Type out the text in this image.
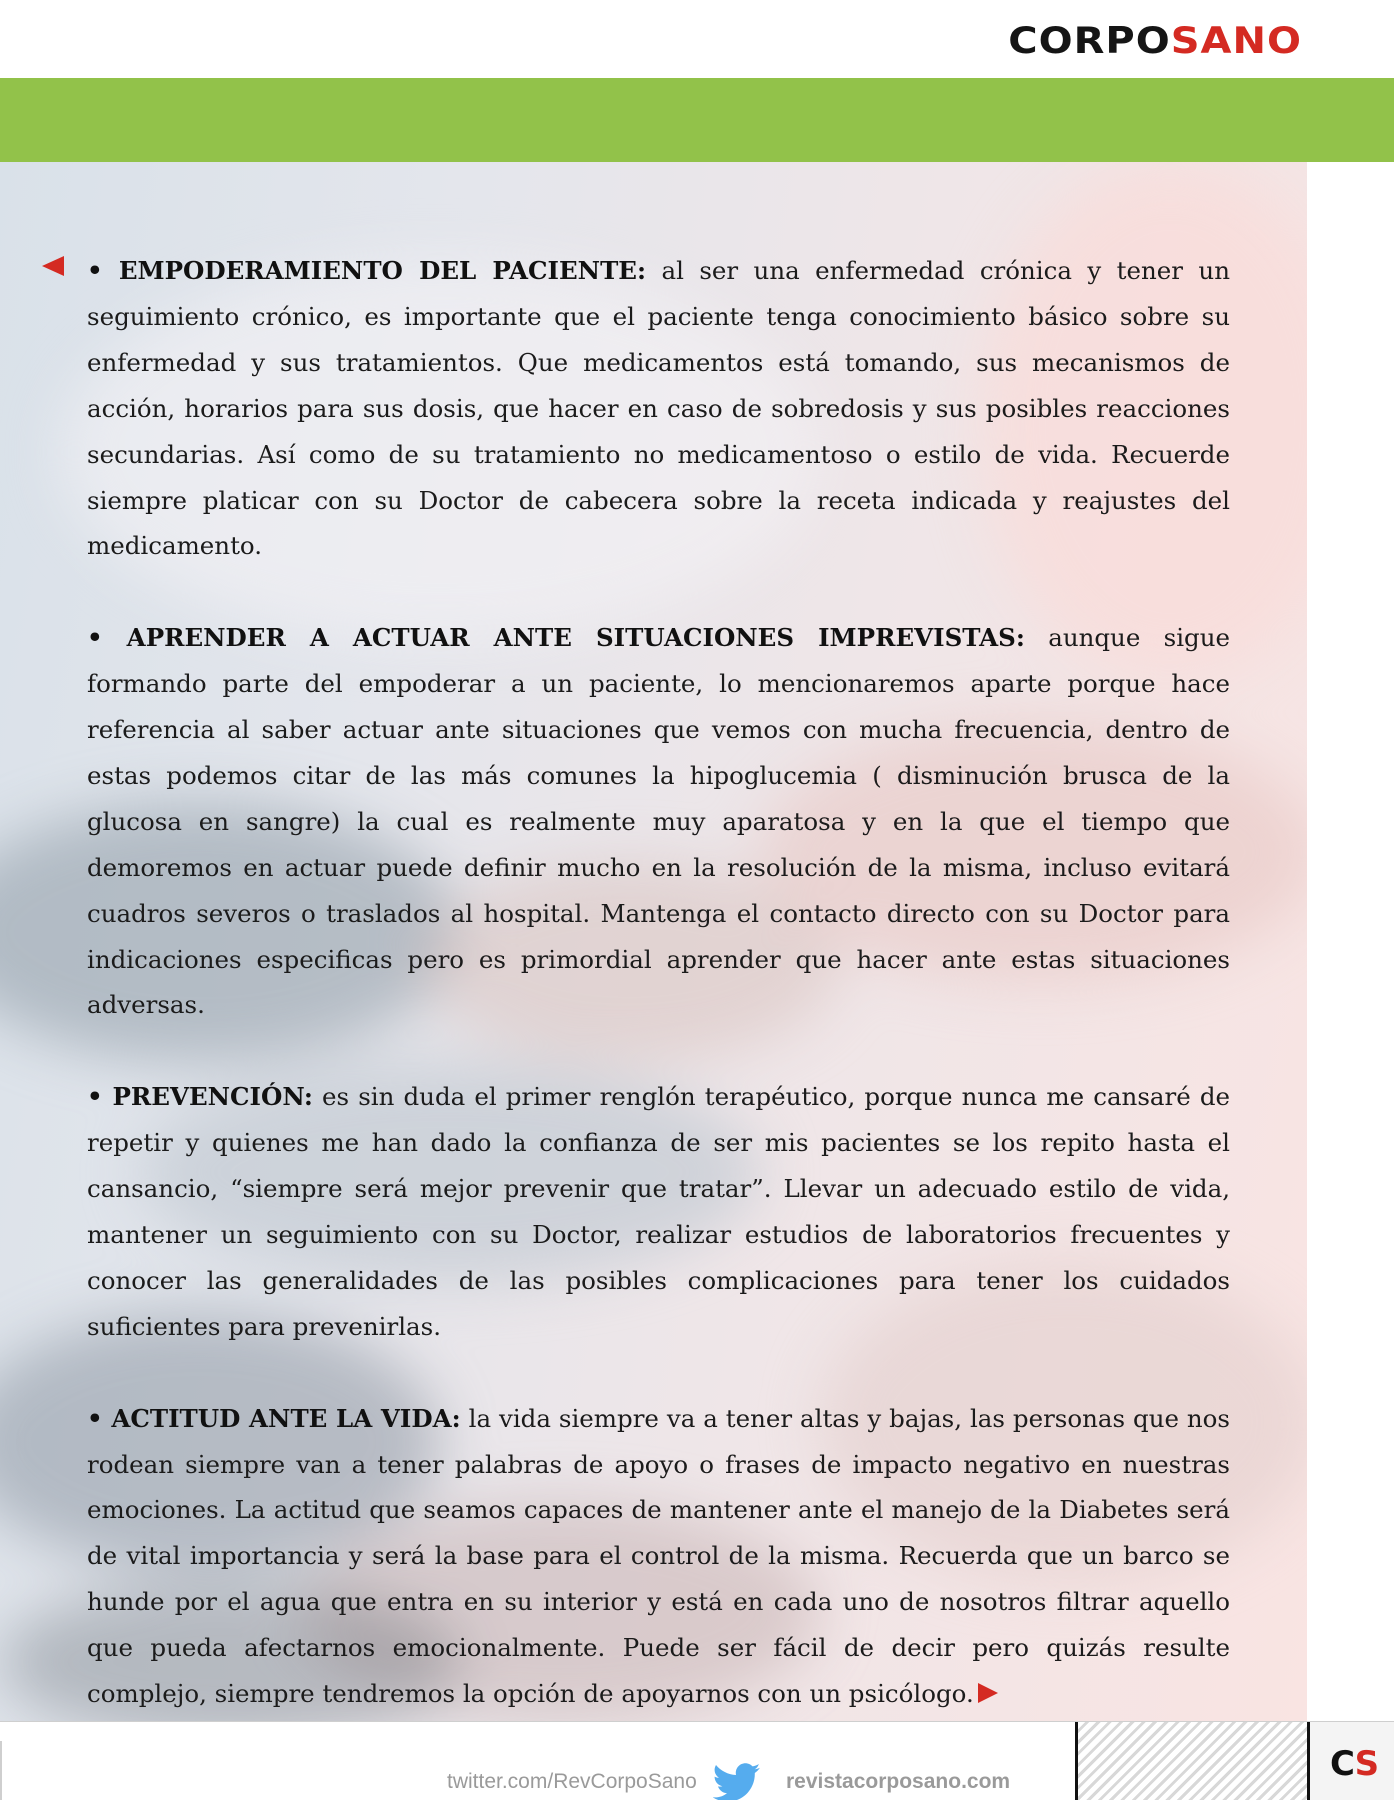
CORPOSANO

• EMPODERAMIENTO DEL PACIENTE: al ser una enfermedad crónica y tener un seguimiento crónico, es importante que el paciente tenga conocimiento básico sobre su enfermedad y sus tratamientos. Que medicamentos está tomando, sus mecanismos de acción, horarios para sus dosis, que hacer en caso de sobredosis y sus posibles reacciones secundarias. Así como de su tratamiento no medicamentoso o estilo de vida. Recuerde siempre platicar con su Doctor de cabecera sobre la receta indicada y reajustes del medicamento.

• APRENDER A ACTUAR ANTE SITUACIONES IMPREVISTAS: aunque sigue formando parte del empoderar a un paciente, lo mencionaremos aparte porque hace referencia al saber actuar ante situaciones que vemos con mucha frecuencia, dentro de estas podemos citar de las más comunes la hipoglucemia ( disminución brusca de la glucosa en sangre) la cual es realmente muy aparatosa y en la que el tiempo que demoremos en actuar puede definir mucho en la resolución de la misma, incluso evitará cuadros severos o traslados al hospital. Mantenga el contacto directo con su Doctor para indicaciones especificas pero es primordial aprender que hacer ante estas situaciones adversas.

• PREVENCIÓN: es sin duda el primer renglón terapéutico, porque nunca me cansaré de repetir y quienes me han dado la confianza de ser mis pacientes se los repito hasta el cansancio, “siempre será mejor prevenir que tratar”. Llevar un adecuado estilo de vida, mantener un seguimiento con su Doctor, realizar estudios de laboratorios frecuentes y conocer las generalidades de las posibles complicaciones para tener los cuidados suficientes para prevenirlas.

• ACTITUD ANTE LA VIDA: la vida siempre va a tener altas y bajas, las personas que nos rodean siempre van a tener palabras de apoyo o frases de impacto negativo en nuestras emociones. La actitud que seamos capaces de mantener ante el manejo de la Diabetes será de vital importancia y será la base para el control de la misma. Recuerda que un barco se hunde por el agua que entra en su interior y está en cada uno de nosotros filtrar aquello que pueda afectarnos emocionalmente. Puede ser fácil de decir pero quizás resulte complejo, siempre tendremos la opción de apoyarnos con un psicólogo.

twitter.com/RevCorpoSano	revistacorposano.com	CS
